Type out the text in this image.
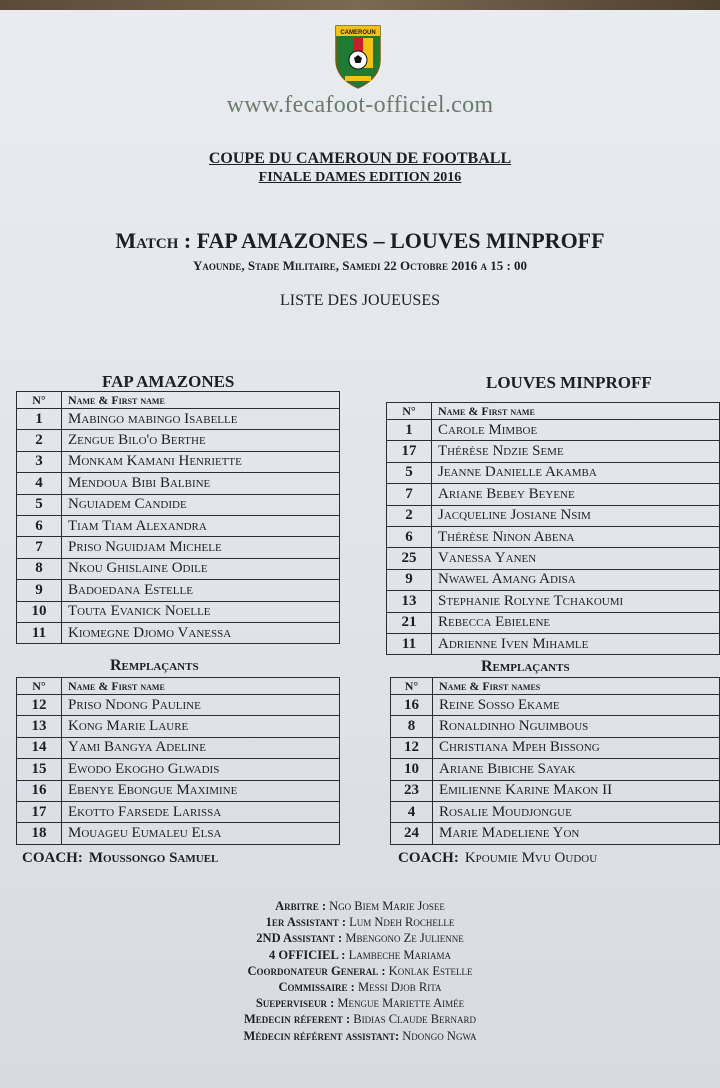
CAMEROUN
www.fecafoot-officiel.com
COUPE DU CAMEROUN DE FOOTBALL
FINALE DAMES EDITION 2016
Match : FAP AMAZONES – LOUVES MINPROFF
Yaounde, Stade Militaire, Samedi 22 Octobre 2016 a 15 : 00
LISTE DES JOUEUSES
FAP AMAZONES	LOUVES MINPROFF
N°	Name & First name
1	Mabingo mabingo Isabelle
2	Zengue Bilo'o Berthe
3	Monkam Kamani Henriette
4	Mendoua Bibi Balbine
5	Nguiadem Candide
6	Tiam Tiam Alexandra
7	Priso Nguidjam Michele
8	Nkou Ghislaine Odile
9	Badoedana Estelle
10	Touta Evanick Noelle
11	Kiomegne Djomo Vanessa
N°	Name & First name
1	Carole Mimboe
17	Thérèse Ndzie Seme
5	Jeanne Danielle Akamba
7	Ariane Bebey Beyene
2	Jacqueline Josiane Nsim
6	Thérèse Ninon Abena
25	Vanessa Yanen
9	Nwawel Amang Adisa
13	Stephanie Rolyne Tchakoumi
21	Rebecca Ebielene
11	Adrienne Iven Mihamle
Remplaçants	Remplaçants
N°	Name & First name
12	Priso Ndong Pauline
13	Kong Marie Laure
14	Yami Bangya Adeline
15	Ewodo Ekogho Glwadis
16	Ebenye Ebongue Maximine
17	Ekotto Farsede Larissa
18	Mouageu Eumaleu Elsa
N°	Name & First names
16	Reine Sosso Ekame
8	Ronaldinho Nguimbous
12	Christiana Mpeh Bissong
10	Ariane Bibiche Sayak
23	Emilienne Karine Makon II
4	Rosalie Moudjongue
24	Marie Madeliene Yon
COACH: Moussongo Samuel	COACH: Kpoumie Mvu Oudou
Arbitre : Ngo Biem Marie Josee
1er Assistant : Lum Ndeh Rochelle
2ND Assistant : Mbengono Ze Julienne
4 OFFICIEL : Lambeche Mariama
Coordonateur General : Konlak Estelle
Commissaire : Messi Djob Rita
Sueperviseur : Mengue Mariette Aimée
Medecin réferent : Bidias Claude Bernard
Médecin référent assistant: Ndongo Ngwa
